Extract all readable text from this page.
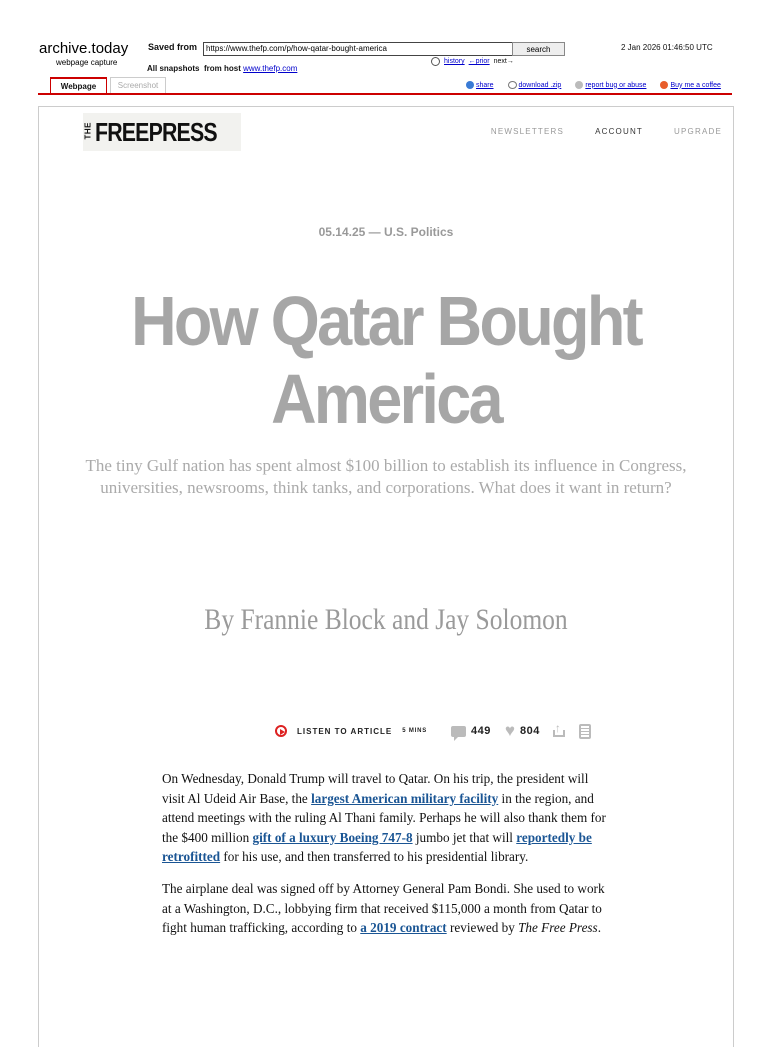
archive.today
webpage capture
Saved from
https://www.thefp.com/p/how-qatar-bought-america	search	2 Jan 2026 01:46:50 UTC
All snapshots from host www.thefp.com
history ←prior next→
Webpage	Screenshot	share	download .zip	report bug or abuse	Buy me a coffee
THE FREEPRESS	NEWSLETTERS	ACCOUNT	UPGRADE
05.14.25 — U.S. Politics
How Qatar Bought
America
The tiny Gulf nation has spent almost $100 billion to establish its influence in Congress, universities, newsrooms, think tanks, and corporations. What does it want in return?
By Frannie Block and Jay Solomon
LISTEN TO ARTICLE 5 MINS	449 ♥ 804
↑

On Wednesday, Donald Trump will travel to Qatar. On his trip, the president will visit Al Udeid Air Base, the largest American military facility in the region, and attend meetings with the ruling Al Thani family. Perhaps he will also thank them for the $400 million gift of a luxury Boeing 747-8 jumbo jet that will reportedly be retrofitted for his use, and then transferred to his presidential library.

The airplane deal was signed off by Attorney General Pam Bondi. She used to work at a Washington, D.C., lobbying firm that received $115,000 a month from Qatar to fight human trafficking, according to a 2019 contract reviewed by The Free Press.
